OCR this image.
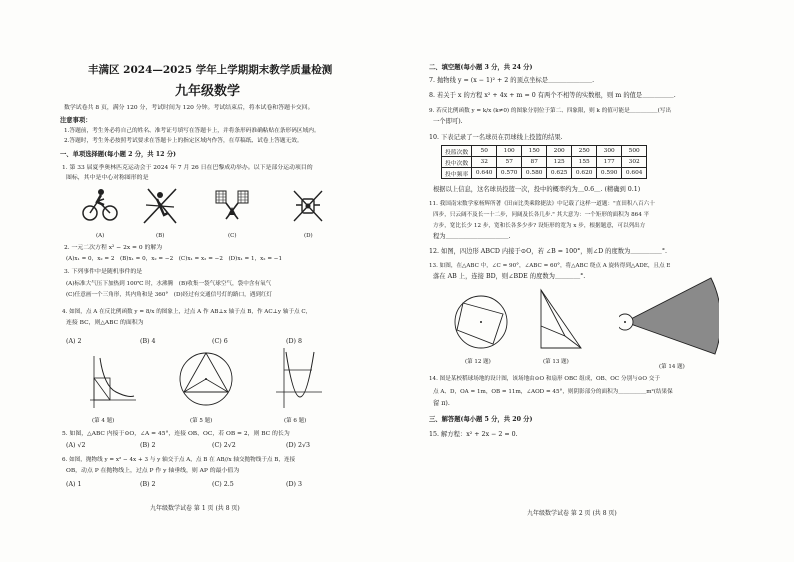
丰满区 2024—2025 学年上学期期末教学质量检测
九年级数学
数学试卷共 8 页，满分 120 分，考试时间为 120 分钟。考试结束后，将本试卷和答题卡交回。
注意事项：
1.答题前，考生务必将自己的姓名、准考证号填写在答题卡上，并将条形码准确粘贴在条形码区域内。
2.答题时，考生务必按照考试要求在答题卡上的指定区域内作答，在草稿纸、试卷上答题无效。
一、单项选择题(每小题 2 分，共 12 分)
1. 第 33 届夏季奥林匹克运动会于 2024 年 7 月 26 日在巴黎成功举办。以下是部分运动项目的
图标，其中是中心对称图形的是
(A)	(B)	(C)	(D)
2. 一元二次方程 x² − 2x = 0 的解为
(A)x₁ = 0，x₂ = 2　(B)x₁ = 0，x₂ = −2　(C)x₁ = x₂ = −2　(D)x₁ = 1，x₂ = −1
3. 下列事件中是随机事件的是
(A)标准大气压下加热到 100℃ 时，水沸腾　(B)收集一袋气球空气，袋中含有氧气
(C)任意画一个三角形，其内角和是 360°　(D)经过有交通信号灯的路口，遇到红灯
4. 如图，点 A 在反比例函数 y = 8/x 的图象上，过点 A 作 AB⊥x 轴于点 B，作 AC⊥y 轴于点 C，
连接 BC，则△ABC 的面积为
(A) 2	(B) 4	(C) 6	(D) 8
(第 4 题)	(第 5 题)	(第 6 题)
5. 如图，△ABC 内接于⊙O，∠A = 45°，连接 OB、OC，若 OB = 2，则 BC 的长为
(A) √2	(B) 2	(C) 2√2	(D) 2√3
6. 如图，抛物线 y = x² − 4x + 3 与 y 轴交于点 A，点 B 在 AB//x 轴交抛物线于点 B，连接
OB，动点 P 在抛物线上，过点 P 作 y 轴垂线，则 AP 的最小值为
(A) 1	(B) 2	(C) 2.5	(D) 3
九年级数学试卷 第 1 页 (共 8 页)
二、填空题(每小题 3 分，共 24 分)
7. 抛物线 y = (x − 1)² + 2 的顶点坐标是＿＿＿＿＿＿＿.
8. 若关于 x 的方程 x² + 4x + m = 0 有两个不相等的实数根，则 m 的值是＿＿＿＿＿.
9. 若反比例函数 y = k/x (k≠0) 的图象分别位于第二、四象限，则 k 的值可能是＿＿＿＿＿(写出
一个即可).
10. 下表记录了一名球员在罚球线上投篮的结果.
投篮次数	50	100	150	200	250	300	500
投中次数	32	57	87	125	155	177	302
投中频率	0.640	0.570	0.580	0.625	0.620	0.590	0.604
根据以上信息，这名球员投篮一次，投中的概率约为＿0.6＿. (精确到 0.1)
11. 我国南宋数学家杨辉所著《田亩比类乘除捷法》中记载了这样一道题："直田积八百六十
四步，只云阔不及长一十二步，问阔及长各几步." 其大意为：一个矩形的面积为 864 平
方步，宽比长少 12 步，宽和长各多少步? 设矩形的宽为 x 步，根据题意，可以列出方
程为＿＿＿＿＿＿＿＿＿＿.
12. 如图，四边形 ABCD 内接于⊙O，若 ∠B = 100°，则∠D 的度数为＿＿＿＿＿°.
13. 如图，在△ABC 中，∠C = 90°，∠ABC = 60°，将△ABC 绕点 A 旋转得到△ADE，且点 E
落在 AB 上，连接 BD，则∠BDE 的度数为＿＿＿＿°.
(第 12 题)	(第 13 题)
(第 14 题)
14. 图是某校稻球场地的设计图，该场地由⊙O 和扇形 OBC 组成，OB、OC 分别与⊙O 交于
点 A、D，OA = 1m，OB = 11m，∠AOD = 45°，则阴影部分的面积为＿＿＿＿＿m²(结果保
留 π).
三、解答题(每小题 5 分，共 20 分)
15. 解方程：x² + 2x − 2 = 0.
九年级数学试卷 第 2 页 (共 8 页)
